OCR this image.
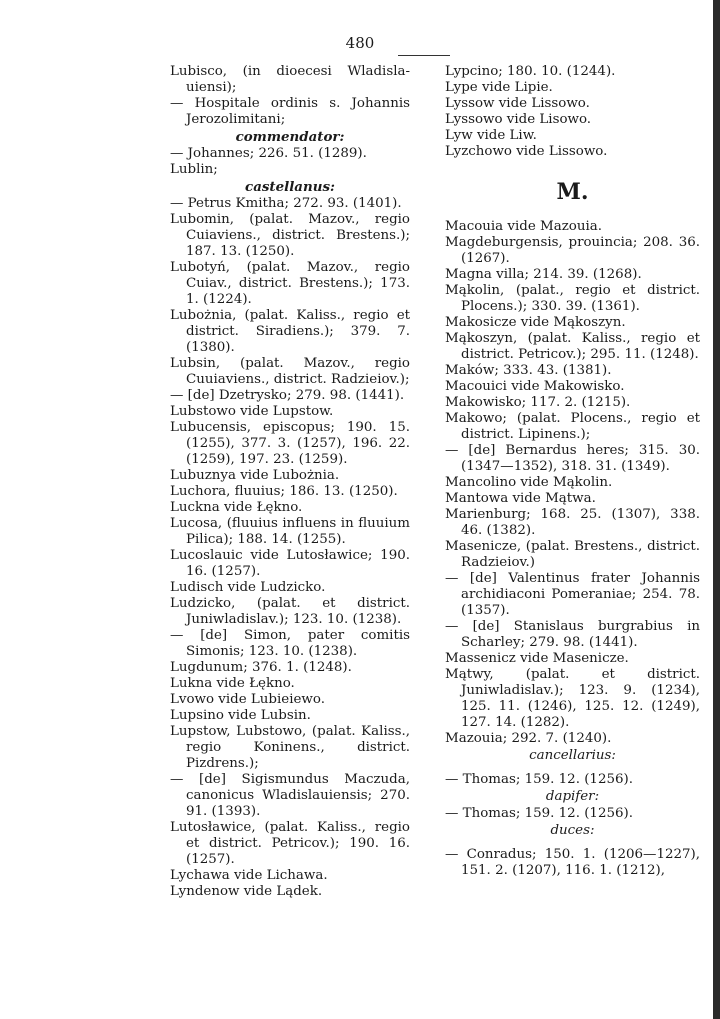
480

Lubisco, (in dioecesi Wladisla-uiensi);

— Hospitale ordinis s. Johannis Jerozolimitani;

commendator:

— Johannes; 226. 51. (1289).

Lublin;

castellanus:

— Petrus Kmitha; 272. 93. (1401).

Lubomin, (palat. Mazov., regio Cuiaviens., district. Brestens.); 187. 13. (1250).

Lubotyń, (palat. Mazov., regio Cuiav., district. Brestens.); 173. 1. (1224).

Lubożnia, (palat. Kaliss., regio et district. Siradiens.); 379. 7. (1380).

Lubsin, (palat. Mazov., regio Cuuiaviens., district. Radzieiov.);

— [de] Dzetrysko; 279. 98. (1441).

Lubstowo vide Lupstow.

Lubucensis, episcopus; 190. 15. (1255), 377. 3. (1257), 196. 22. (1259), 197. 23. (1259).

Lubuznya vide Lubożnia.

Luchora, fluuius; 186. 13. (1250).

Luckna vide Łękno.

Lucosa, (fluuius influens in fluuium Pilica); 188. 14. (1255).

Lucoslauic vide Lutosławice; 190. 16. (1257).

Ludisch vide Ludzicko.

Ludzicko, (palat. et district. Juniwladislav.); 123. 10. (1238).

— [de] Simon, pater comitis Simonis; 123. 10. (1238).

Lugdunum; 376. 1. (1248).

Lukna vide Łękno.

Lvowo vide Lubieiewo.

Lupsino vide Lubsin.

Lupstow, Lubstowo, (palat. Kaliss., regio Koninens., district. Pizdrens.);

— [de] Sigismundus Maczuda, canonicus Wladislauiensis; 270. 91. (1393).

Lutosławice, (palat. Kaliss., regio et district. Petricov.); 190. 16. (1257).

Lychawa vide Lichawa.

Lyndenow vide Lądek.

Lypcino; 180. 10. (1244).

Lype vide Lipie.

Lyssow vide Lissowo.

Lyssowo vide Lisowo.

Lyw vide Liw.

Lyzchowo vide Lissowo.

M.

Macouia vide Mazouia.

Magdeburgensis, prouincia; 208. 36. (1267).

Magna villa; 214. 39. (1268).

Mąkolin, (palat., regio et district. Plocens.); 330. 39. (1361).

Makosicze vide Mąkoszyn.

Mąkoszyn, (palat. Kaliss., regio et district. Petricov.); 295. 11. (1248).

Maków; 333. 43. (1381).

Macouici vide Makowisko.

Makowisko; 117. 2. (1215).

Makowo; (palat. Plocens., regio et district. Lipinens.);

— [de] Bernardus heres; 315. 30. (1347—1352), 318. 31. (1349).

Mancolino vide Mąkolin.

Mantowa vide Mątwa.

Marienburg; 168. 25. (1307), 338. 46. (1382).

Masenicze, (palat. Brestens., district. Radzieiov.)

— [de] Valentinus frater Johannis archidiaconi Pomeraniae; 254. 78. (1357).

— [de] Stanislaus burgrabius in Scharley; 279. 98. (1441).

Massenicz vide Masenicze.

Mątwy, (palat. et district. Juniwladislav.); 123. 9. (1234), 125. 11. (1246), 125. 12. (1249), 127. 14. (1282).

Mazouia; 292. 7. (1240).

cancellarius:

— Thomas; 159. 12. (1256).

dapifer:

— Thomas; 159. 12. (1256).

duces:

— Conradus; 150. 1. (1206—1227), 151. 2. (1207), 116. 1. (1212),
